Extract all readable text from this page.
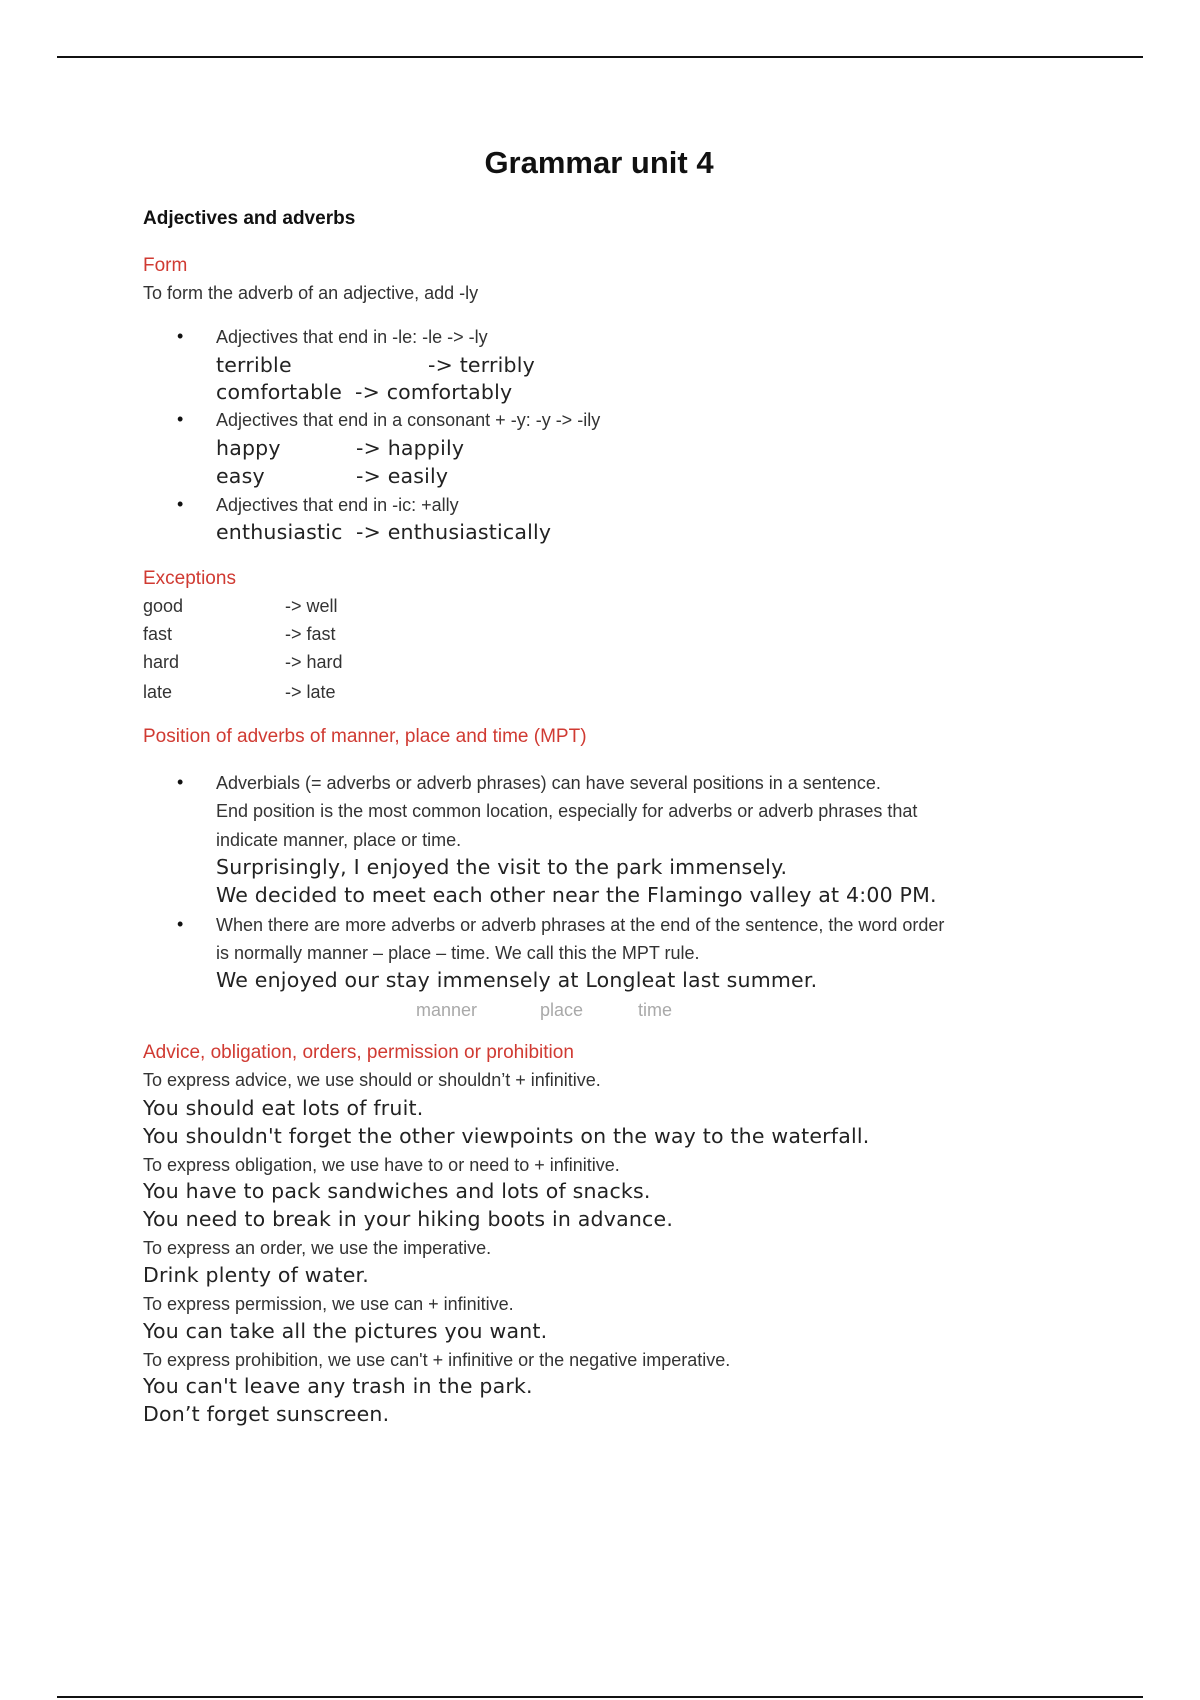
Grammar unit 4
Adjectives and adverbs
Form
To form the adverb of an adjective, add -ly
• Adjectives that end in -le: -le -> -ly
terrible	-> terribly
comfortable -> comfortably
• Adjectives that end in a consonant + -y: -y -> -ily
happy	-> happily
easy	-> easily
• Adjectives that end in -ic: +ally
enthusiastic -> enthusiastically
Exceptions
good	-> well
fast	-> fast
hard	-> hard
late	-> late
Position of adverbs of manner, place and time (MPT)
• Adverbials (= adverbs or adverb phrases) can have several positions in a sentence.
End position is the most common location, especially for adverbs or adverb phrases that
indicate manner, place or time.
Surprisingly, I enjoyed the visit to the park immensely.
We decided to meet each other near the Flamingo valley at 4:00 PM.
• When there are more adverbs or adverb phrases at the end of the sentence, the word order
is normally manner – place – time. We call this the MPT rule.
We enjoyed our stay immensely at Longleat last summer.
manner	place	time
Advice, obligation, orders, permission or prohibition
To express advice, we use should or shouldn’t + infinitive.
You should eat lots of fruit.
You shouldn't forget the other viewpoints on the way to the waterfall.
To express obligation, we use have to or need to + infinitive.
You have to pack sandwiches and lots of snacks.
You need to break in your hiking boots in advance.
To express an order, we use the imperative.
Drink plenty of water.
To express permission, we use can + infinitive.
You can take all the pictures you want.
To express prohibition, we use can't + infinitive or the negative imperative.
You can't leave any trash in the park.
Don’t forget sunscreen.
